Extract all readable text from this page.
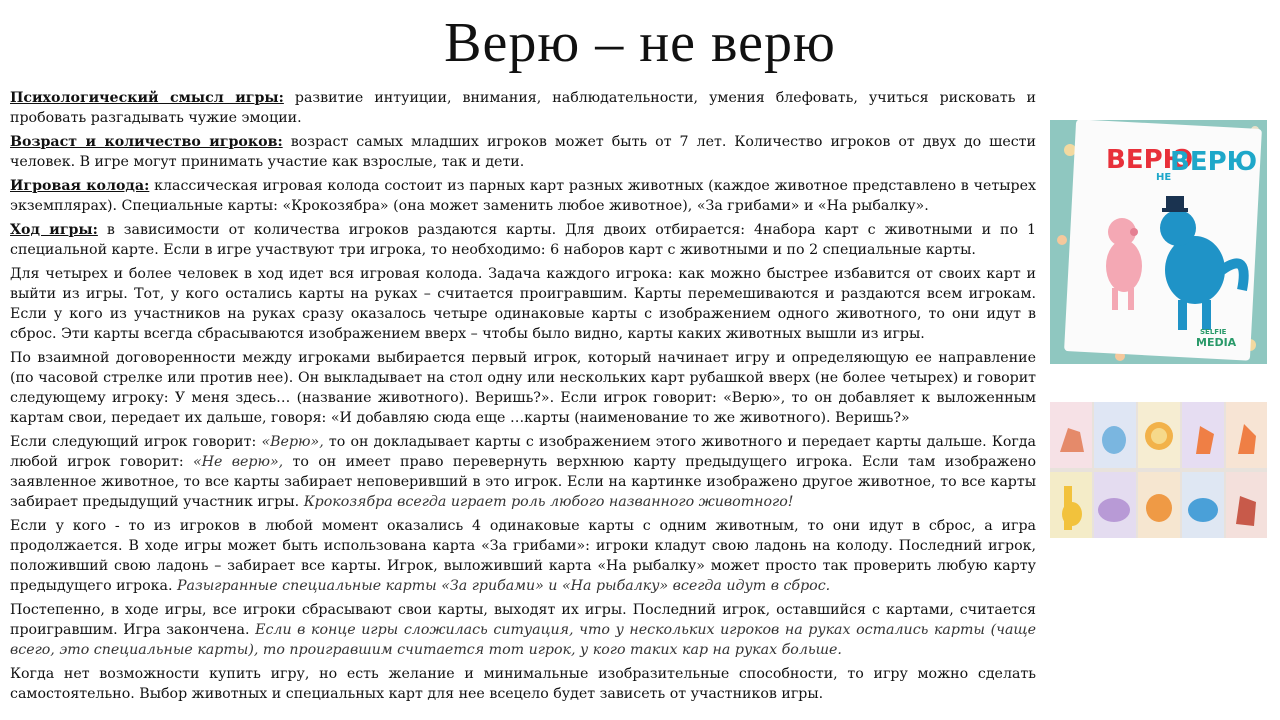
Верю – не верю

Психологический смысл игры: развитие интуиции, внимания, наблюдательности, умения блефовать, учиться рисковать и пробовать разгадывать чужие эмоции.

Возраст и количество игроков: возраст самых младших игроков может быть от 7 лет. Количество игроков от двух до шести человек. В игре могут принимать участие как взрослые, так и дети.

Игровая колода: классическая игровая колода состоит из парных карт разных животных (каждое животное представлено в четырех экземплярах). Специальные карты: «Крокозябра» (она может заменить любое животное), «За грибами» и «На рыбалку».

Ход игры: в зависимости от количества игроков раздаются карты. Для двоих отбирается: 4набора карт с животными и по 1 специальной карте. Если в игре участвуют три игрока, то необходимо: 6 наборов карт с животными и по 2 специальные карты.

Для четырех и более человек в ход идет вся игровая колода. Задача каждого игрока: как можно быстрее избавится от своих карт и выйти из игры. Тот, у кого остались карты на руках – считается проигравшим. Карты перемешиваются и раздаются всем игрокам. Если у кого из участников на руках сразу оказалось четыре одинаковые карты с изображением одного животного, то они идут в сброс. Эти карты всегда сбрасываются изображением вверх – чтобы было видно, карты каких животных вышли из игры.

По взаимной договоренности между игроками выбирается первый игрок, который начинает игру и определяющую ее направление (по часовой стрелке или против нее). Он выкладывает на стол одну или нескольких карт рубашкой вверх (не более четырех) и говорит следующему игроку: У меня здесь… (название животного). Веришь?». Если игрок говорит: «Верю», то он добавляет к выложенным картам свои, передает их дальше, говоря: «И добавляю сюда еще …карты (наименование то же животного). Веришь?»

Если следующий игрок говорит: «Верю», то он докладывает карты с изображением этого животного и передает карты дальше. Когда любой игрок говорит: «Не верю», то он имеет право перевернуть верхнюю карту предыдущего игрока. Если там изображено заявленное животное, то все карты забирает неповеривший в это игрок. Если на картинке изображено другое животное, то все карты забирает предыдущий участник игры. Крокозябра всегда играет роль любого названного животного!

Если у кого - то из игроков в любой момент оказались 4 одинаковые карты с одним животным, то они идут в сброс, а игра продолжается. В ходе игры может быть использована карта «За грибами»: игроки кладут свою ладонь на колоду. Последний игрок, положивший свою ладонь – забирает все карты. Игрок, выложивший карта «На рыбалку» может просто так проверить любую карту предыдущего игрока. Разыгранные специальные карты «За грибами» и «На рыбалку» всегда идут в сброс.

Постепенно, в ходе игры, все игроки сбрасывают свои карты, выходят их игры. Последний игрок, оставшийся с картами, считается проигравшим. Игра закончена. Если в конце игры сложилась ситуация, что у нескольких игроков на руках остались карты (чаще всего, это специальные карты), то проигравшим считается тот игрок, у кого таких кар на руках больше.

Когда нет возможности купить игру, но есть желание и минимальные изобразительные способности, то игру можно сделать самостоятельно. Выбор животных и специальных карт для нее всецело будет зависеть от участников игры.

ВЕРЮ
НЕ
ВЕРЮ
SELFIE
MEDIA
